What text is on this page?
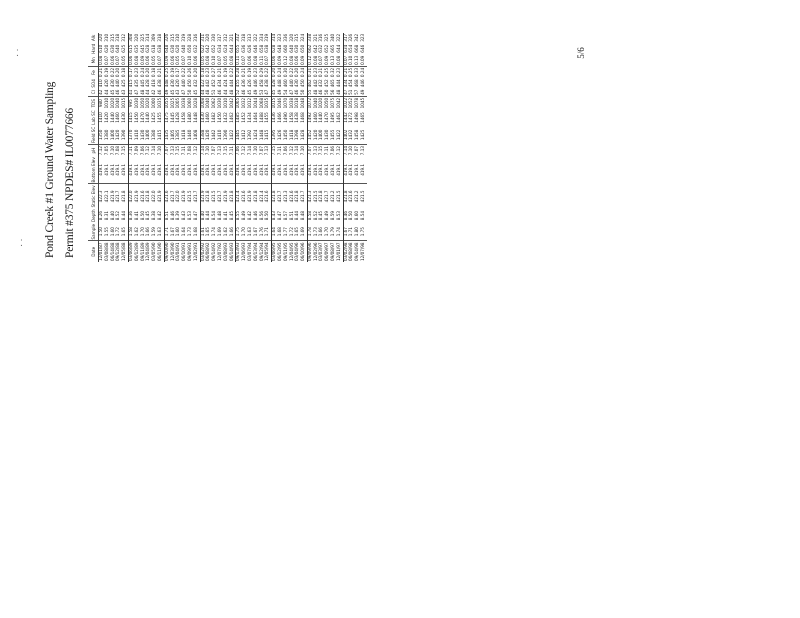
Pond Creek #1 Ground Water Sampling Permit #375 NPDES# IL0077666	Date	Sample	Depth	Static Elev	Bottom Elev	pH	Field SC	Lab SC	TDS	Cl	SO4	Fe	Mn	Hard	Alk
12/01/87	1.50	8.26	422.3	419.1	7.12	1350	1410	980	42	410	0.21	0.08	610	320
03/08/88	1.55	8.31	422.1	419.1	7.05	1380	1420	1010	44	420	0.19	0.07	620	310
06/14/88	1.60	8.40	421.9	419.1	7.10	1400	1440	1020	45	430	0.22	0.06	630	315
09/12/88	1.72	8.52	421.7	419.1	7.08	1420	1460	1040	46	440	0.20	0.07	640	318
12/05/88	1.65	8.44	421.8	419.1	7.15	1390	1430	1015	43	425	0.18	0.05	625	312
03/06/89	1.58	8.36	422.0	419.1	7.11	1370	1415	995	41	415	0.17	0.06	615	308
06/12/89	1.62	8.41	421.9	419.1	7.09	1410	1450	1030	47	435	0.23	0.08	635	320
09/11/89	1.70	8.50	421.6	419.1	7.06	1430	1470	1050	48	445	0.24	0.09	645	325
12/04/89	1.66	8.45	421.8	419.1	7.12	1400	1440	1020	44	428	0.20	0.06	628	314
03/05/90	1.59	8.38	422.0	419.1	7.14	1380	1425	1000	42	418	0.18	0.05	618	309
06/11/90	1.63	8.42	421.9	419.1	7.10	1415	1455	1035	46	438	0.21	0.07	638	318
09/10/90	1.71	8.51	421.6	419.1	7.07	1435	1475	1055	49	448	0.25	0.09	648	326
12/03/90	1.67	8.46	421.7	419.1	7.13	1405	1445	1025	45	430	0.19	0.06	630	315
03/04/91	1.60	8.39	422.0	419.1	7.15	1385	1428	1005	43	420	0.17	0.05	620	310
06/10/91	1.64	8.43	421.9	419.1	7.11	1418	1458	1038	47	440	0.22	0.07	640	319
09/09/91	1.73	8.53	421.5	419.1	7.08	1440	1480	1060	50	450	0.26	0.10	650	328
12/02/91	1.68	8.47	421.7	419.1	7.12	1408	1448	1028	45	432	0.20	0.06	632	316
03/02/92	1.61	8.40	421.9	419.1	7.14	1388	1430	1008	44	422	0.18	0.05	622	311
06/08/92	1.65	8.44	421.8	419.1	7.10	1420	1460	1040	48	442	0.23	0.08	642	320
09/14/92	1.74	8.54	421.5	419.1	7.07	1442	1482	1062	51	452	0.27	0.10	652	330
12/07/92	1.69	8.48	421.7	419.1	7.13	1410	1450	1030	46	434	0.21	0.07	634	317
03/08/93	1.62	8.41	421.9	419.1	7.15	1390	1432	1010	44	424	0.19	0.05	624	312
06/14/93	1.66	8.45	421.8	419.1	7.11	1422	1462	1042	48	444	0.22	0.08	644	321
09/13/93	1.75	8.55	421.4	419.1	7.06	1445	1485	1065	52	455	0.28	0.11	655	332
12/06/93	1.70	8.49	421.6	419.1	7.12	1412	1452	1032	46	436	0.21	0.07	636	318
03/07/94	1.63	8.42	421.9	419.1	7.14	1392	1434	1012	45	426	0.19	0.06	626	313
06/13/94	1.67	8.46	421.8	419.1	7.10	1424	1464	1044	49	446	0.23	0.08	646	322
09/12/94	1.76	8.56	421.4	419.1	7.07	1448	1488	1068	53	458	0.29	0.11	658	334
12/05/94	1.71	8.50	421.6	419.1	7.13	1415	1455	1035	47	438	0.22	0.07	638	319
03/06/95	1.64	8.43	421.8	419.1	7.15	1395	1436	1015	45	428	0.20	0.06	628	314
06/12/95	1.68	8.47	421.7	419.1	7.11	1426	1466	1046	49	448	0.24	0.09	648	323
09/11/95	1.77	8.57	421.3	419.1	7.06	1450	1490	1070	54	460	0.30	0.12	660	336
12/04/95	1.72	8.51	421.6	419.1	7.12	1418	1458	1038	47	440	0.22	0.08	640	320
03/04/96	1.65	8.44	421.8	419.1	7.14	1398	1438	1018	46	430	0.20	0.06	630	315
06/10/96	1.69	8.48	421.7	419.1	7.10	1428	1468	1048	50	450	0.24	0.09	650	324
09/09/96	1.78	8.58	421.3	419.1	7.07	1452	1492	1072	55	462	0.31	0.12	662	338
12/02/96	1.73	8.52	421.5	419.1	7.13	1420	1460	1040	48	442	0.23	0.08	642	321
03/03/97	1.66	8.45	421.8	419.1	7.15	1400	1440	1020	46	432	0.21	0.07	632	316
06/09/97	1.70	8.49	421.7	419.1	7.11	1430	1470	1050	50	452	0.25	0.09	652	325
09/08/97	1.79	8.59	421.2	419.1	7.06	1455	1495	1075	56	465	0.32	0.13	665	340
12/01/97	1.74	8.53	421.5	419.1	7.12	1422	1462	1042	48	444	0.23	0.08	644	322
03/02/98	1.67	8.46	421.8	419.1	7.14	1402	1442	1022	47	434	0.21	0.07	634	317
06/08/98	1.71	8.50	421.6	419.1	7.10	1432	1472	1052	51	454	0.25	0.10	654	326
09/14/98	1.80	8.60	421.2	419.1	7.07	1458	1498	1078	57	468	0.33	0.13	668	342
12/07/98	1.75	8.54	421.5	419.1	7.13	1425	1465	1045	49	446	0.24	0.09	646	323
⁚
⁚
5/6
